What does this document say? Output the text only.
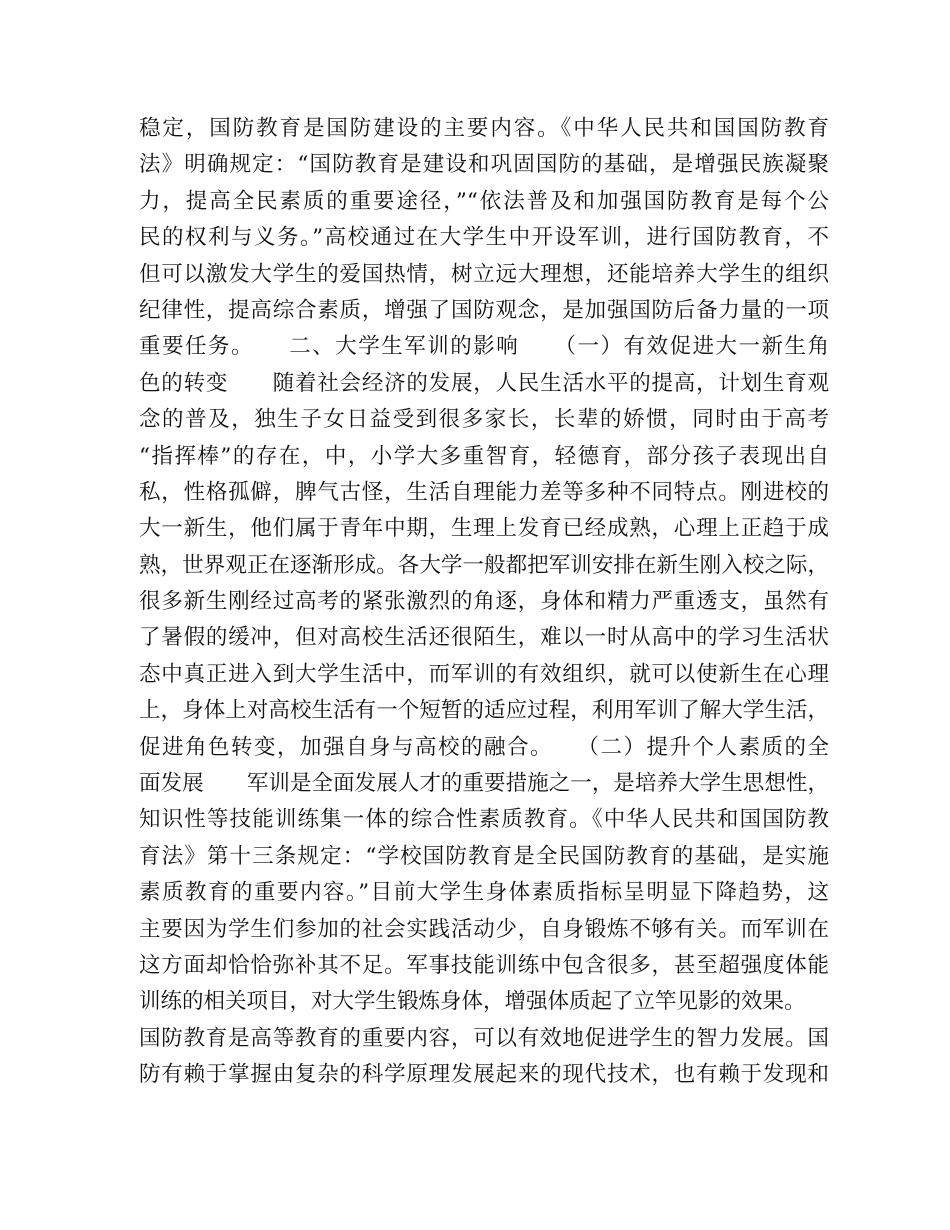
稳定，国防教育是国防建设的主要内容。《中华人民共和国国防教育
法》明确规定：“国防教育是建设和巩固国防的基础，是增强民族凝聚
力，提高全民素质的重要途径，”“依法普及和加强国防教育是每个公
民的权利与义务。”高校通过在大学生中开设军训，进行国防教育，不
但可以激发大学生的爱国热情，树立远大理想，还能培养大学生的组织
纪律性，提高综合素质，增强了国防观念，是加强国防后备力量的一项
重要任务。　　二、大学生军训的影响　　（一）有效促进大一新生角
色的转变　　随着社会经济的发展，人民生活水平的提高，计划生育观
念的普及，独生子女日益受到很多家长，长辈的娇惯，同时由于高考
“指挥棒”的存在，中，小学大多重智育，轻德育，部分孩子表现出自
私，性格孤僻，脾气古怪，生活自理能力差等多种不同特点。刚进校的
大一新生，他们属于青年中期，生理上发育已经成熟，心理上正趋于成
熟，世界观正在逐渐形成。各大学一般都把军训安排在新生刚入校之际，
很多新生刚经过高考的紧张激烈的角逐，身体和精力严重透支，虽然有
了暑假的缓冲，但对高校生活还很陌生，难以一时从高中的学习生活状
态中真正进入到大学生活中，而军训的有效组织，就可以使新生在心理
上，身体上对高校生活有一个短暂的适应过程，利用军训了解大学生活，
促进角色转变，加强自身与高校的融合。　　（二）提升个人素质的全
面发展　　军训是全面发展人才的重要措施之一，是培养大学生思想性，
知识性等技能训练集一体的综合性素质教育。《中华人民共和国国防教
育法》第十三条规定：“学校国防教育是全民国防教育的基础，是实施
素质教育的重要内容。”目前大学生身体素质指标呈明显下降趋势，这
主要因为学生们参加的社会实践活动少，自身锻炼不够有关。而军训在
这方面却恰恰弥补其不足。军事技能训练中包含很多，甚至超强度体能
训练的相关项目，对大学生锻炼身体，增强体质起了立竿见影的效果。
国防教育是高等教育的重要内容，可以有效地促进学生的智力发展。国
防有赖于掌握由复杂的科学原理发展起来的现代技术，也有赖于发现和
